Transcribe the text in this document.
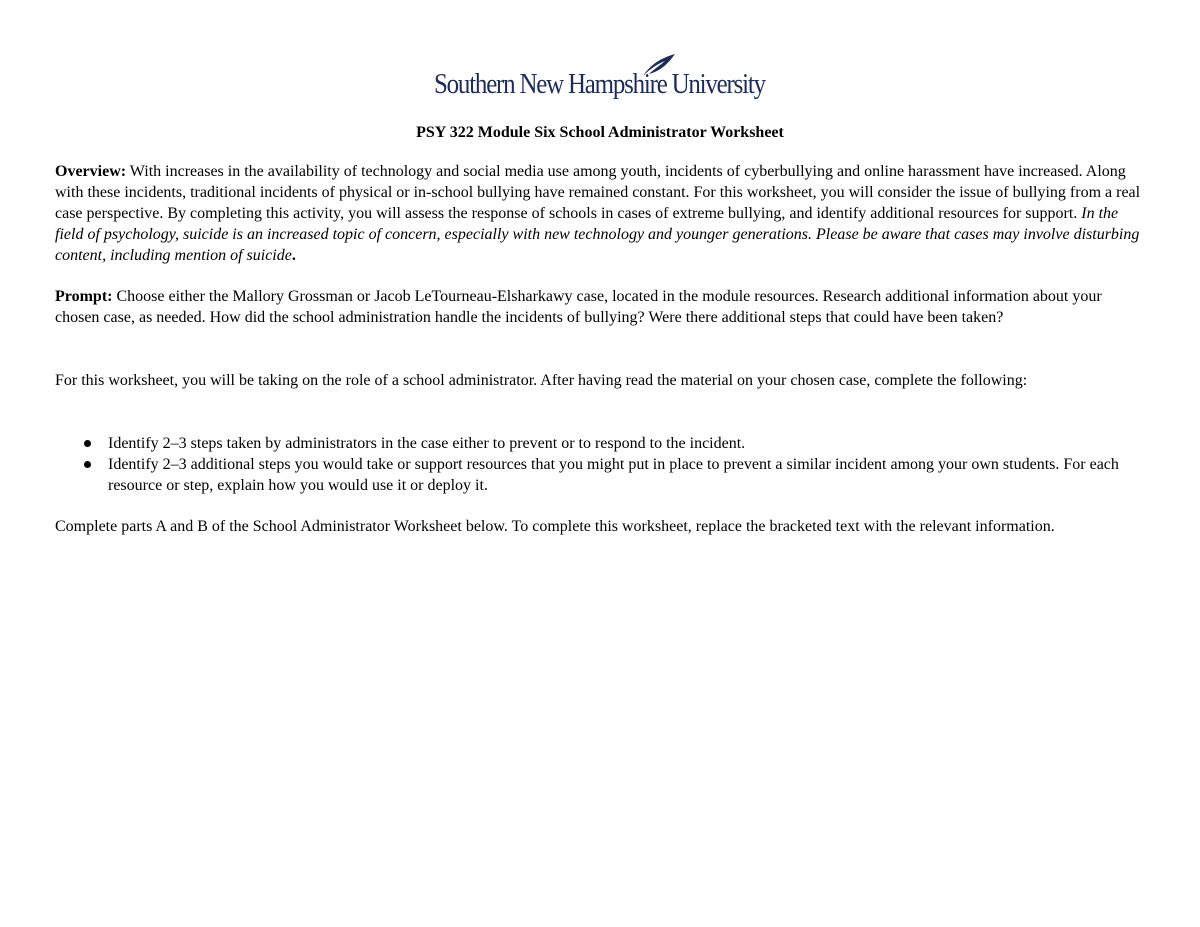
Southern New Hampshire University
PSY 322 Module Six School Administrator Worksheet

Overview: With increases in the availability of technology and social media use among youth, incidents of cyberbullying and online harassment have increased. Along with these incidents, traditional incidents of physical or in-school bullying have remained constant. For this worksheet, you will consider the issue of bullying from a real case perspective. By completing this activity, you will assess the response of schools in cases of extreme bullying, and identify additional resources for support. In the field of psychology, suicide is an increased topic of concern, especially with new technology and younger generations. Please be aware that cases may involve disturbing content, including mention of suicide.

Prompt: Choose either the Mallory Grossman or Jacob LeTourneau-Elsharkawy case, located in the module resources. Research additional information about your chosen case, as needed. How did the school administration handle the incidents of bullying? Were there additional steps that could have been taken?

For this worksheet, you will be taking on the role of a school administrator. After having read the material on your chosen case, complete the following:

Identify 2–3 steps taken by administrators in the case either to prevent or to respond to the incident.
Identify 2–3 additional steps you would take or support resources that you might put in place to prevent a similar incident among your own students. For each resource or step, explain how you would use it or deploy it.

Complete parts A and B of the School Administrator Worksheet below. To complete this worksheet, replace the bracketed text with the relevant information.
